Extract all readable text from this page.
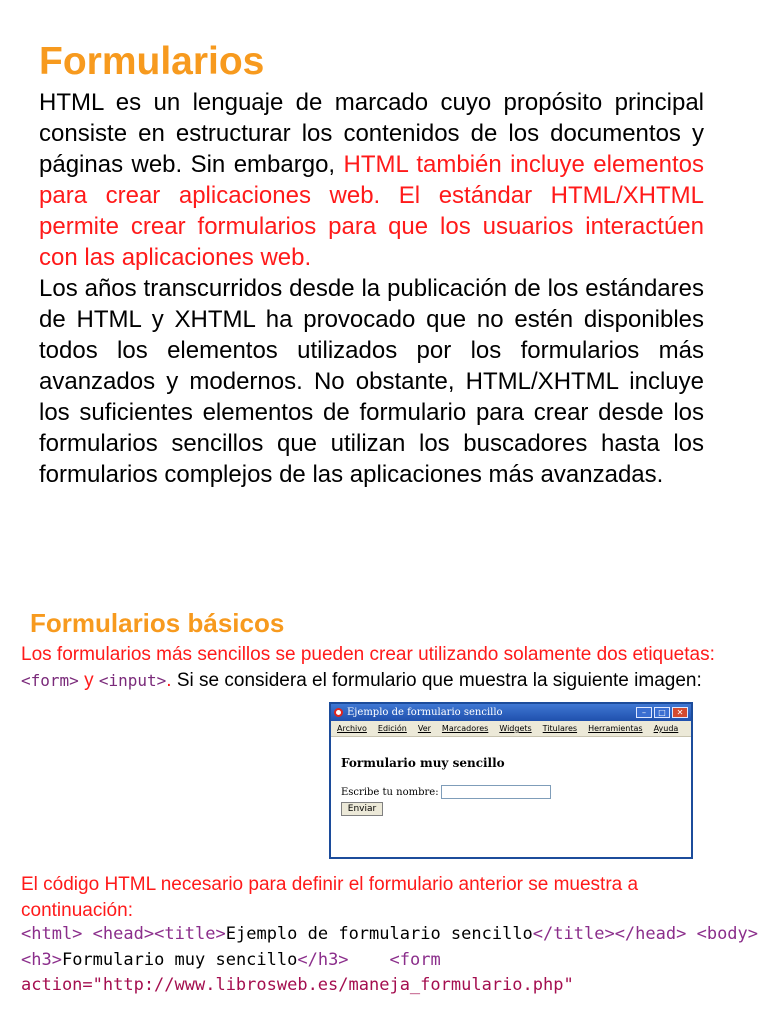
Formularios

HTML es un lenguaje de marcado cuyo propósito principal consiste en estructurar los contenidos de los documentos y páginas web. Sin embargo, HTML también incluye elementos para crear aplicaciones web. El estándar HTML/XHTML permite crear formularios para que los usuarios interactúen con las aplicaciones web.
Los años transcurridos desde la publicación de los estándares de HTML y XHTML ha provocado que no estén disponibles todos los elementos utilizados por los formularios más avanzados y modernos. No obstante, HTML/XHTML incluye los suficientes elementos de formulario para crear desde los formularios sencillos que utilizan los buscadores hasta los formularios complejos de las aplicaciones más avanzadas.

Formularios básicos

Los formularios más sencillos se pueden crear utilizando solamente dos etiquetas: <form> y <input>. Si se considera el formulario que muestra la siguiente imagen:

Ejemplo de formulario sencillo	–	□	✕
Archivo Edición Ver Marcadores Widgets Titulares Herramientas Ayuda
Formulario muy sencillo
Escribe tu nombre:
Enviar

El código HTML necesario para definir el formulario anterior se muestra a continuación:

<html> <head><title>Ejemplo de formulario sencillo</title></head> <body>    <h3>Formulario muy sencillo</h3> <form action="http://www.librosweb.es/maneja_formulario.php"
